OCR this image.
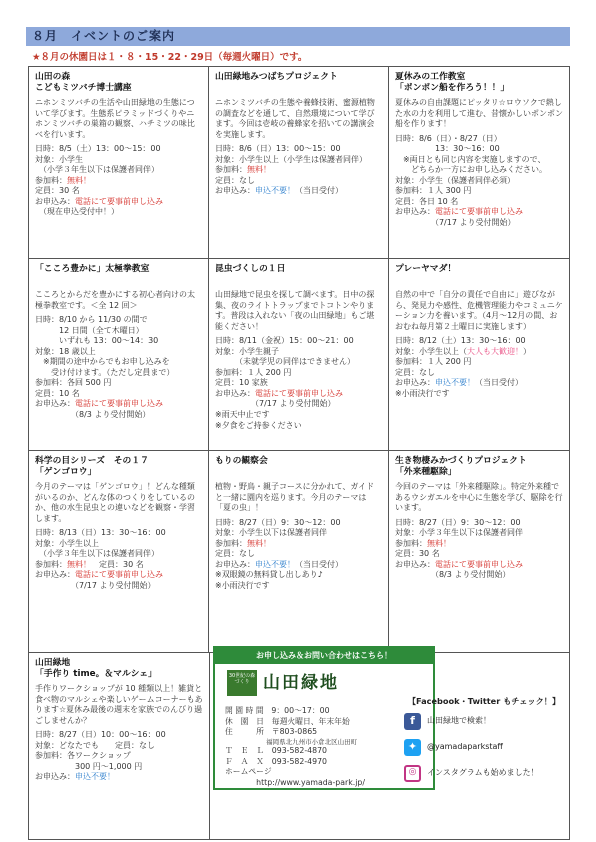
８月　イベントのご案内
★８月の休園日は１・８・15・22・29日（毎週火曜日）です。
山田の森
こどもミツバチ博士講座
ニホンミツバチの生活や山田緑地の生態について学びます。生態系ピラミッドづくりやニホンミツバチの巣箱の観察、ハチミツの味比べを行います。
日時：8/5（土）13：00～15：00
対象：小学生
　（小学３年生以下は保護者同伴）
参加料：無料！
定員：30 名
お申込み：電話にて要事前申し込み
　（現在申込受付中！）
山田緑地みつばちプロジェクト
ニホンミツバチの生態や養蜂技術、蜜源植物の調査などを通して、自然環境について学びます。今回は壱岐の養蜂家を招いての講演会を実施します。
日時：8/6（日）13：00～15：00
対象：小学生以上（小学生は保護者同伴）
参加料：無料！
定員：なし
お申込み：申込不要！（当日受付）
夏休みの工作教室
「ポンポン船を作ろう！！」
夏休みの自由課題にピッタリ☆ロウソクで熱した水の力を利用して進む、昔懐かしいポンポン船を作ります！
日時：8/6（日）・8/27（日）
　　　　　13：30～16：00
　※両日とも同じ内容を実施しますので、
　　どちらか一方にお申し込みください。
対象：小学生（保護者同伴必須）
参加料：１人 300 円
定員：各日 10 名
お申込み：電話にて要事前申し込み
　　　　　（7/17 より受付開始）
「こころ豊かに」太極拳教室
こころとからだを豊かにする初心者向けの太極拳教室です。＜全 12 回＞
日時：8/10 から 11/30 の間で
　　　12 日間（全て木曜日）
　　　いずれも 13：00～14：30
対象：18 歳以上
　※期間の途中からでもお申し込みを
　　受け付けます。（ただし定員まで）
参加料：各回 500 円
定員：10 名
お申込み：電話にて要事前申し込み
　　　　　（8/3 より受付開始）
昆虫づくしの１日
山田緑地で昆虫を探して調べます。日中の探集、夜のライトトラップまでトコトンやります。普段は入れない「夜の山田緑地」もご堪能ください！
日時：8/11（金祝）15：00～21：00
対象：小学生親子
　　　（未就学児の同伴はできません）
参加料：１人 200 円
定員：10 家族
お申込み：電話にて要事前申し込み
　　　　　（7/17 より受付開始）
※雨天中止です
※夕食をご持参ください
プレーヤマダ！
自然の中で「自分の責任で自由に」遊びながら、発見力や感性、危機管理能力やコミュニケーション力を養います。（4月～12月の間、おおむね毎月第２土曜日に実施します）
日時：8/12（土）13：30～16：00
対象：小学生以上（大人も大歓迎！）
参加料：１人 200 円
定員：なし
お申込み：申込不要！（当日受付）
※小雨決行です
科学の目シリーズ　その１７
「ゲンゴロウ」
今月のテーマは「ゲンゴロウ」！どんな種類がいるのか、どんな体のつくりをしているのか、他の水生昆虫との違いなどを観察・学習します。
日時：8/13（日）13：30～16：00
対象：小学生以上
　（小学３年生以下は保護者同伴）
参加料：無料！　定員：30 名
お申込み：電話にて要事前申し込み
　　　　　（7/17 より受付開始）
もりの観察会
植物・野鳥・親子コースに分かれて、ガイドと一緒に園内を巡ります。今月のテーマは「夏の虫」！
日時：8/27（日）9：30～12：00
対象：小学生以下は保護者同伴
参加料：無料！
定員：なし
お申込み：申込不要！（当日受付）
※双眼鏡の無料貸し出しあり♪
※小雨決行です
生き物棲みかづくりプロジェクト
「外来種駆除」
今回のテーマは「外来種駆除」。特定外来種であるウシガエルを中心に生態を学び、駆除を行います。
日時：8/27（日）9：30～12：00
対象：小学３年生以下は保護者同伴
参加料：無料！
定員：30 名
お申込み：電話にて要事前申し込み
　　　　　（8/3 より受付開始）
山田緑地
「手作り time。＆マルシェ」
手作りワークショップが 10 種類以上！雑貨と食べ物のマルシェや楽しいゲームコーナーもあります☆夏休み最後の週末を家族でのんびり過ごしませんか？
日時：8/27（日）10：00～16：00
対象：どなたでも　　定員：なし
参加料：各ワークショップ
　　　　　300 円～1,000 円
お申込み：申込不要！
お申し込み＆お問い合わせはこちら！
30世紀の森づくり 山田緑地
開 園 時 間　9：00～17：00
休　園　日　毎週火曜日、年末年始
住　　　所　〒803-0865
　　　　　　 福岡県北九州市小倉北区山田町
Ｔ　Ｅ　Ｌ　093-582-4870
Ｆ　Ａ　Ｘ　093-582-4970
ホームページ
　　　　http://www.yamada-park.jp/
【Facebook・Twitter もチェック！】
f	山田緑地で検索！
✦	@yamadaparkstaff
◎	インスタグラムも始めました！
